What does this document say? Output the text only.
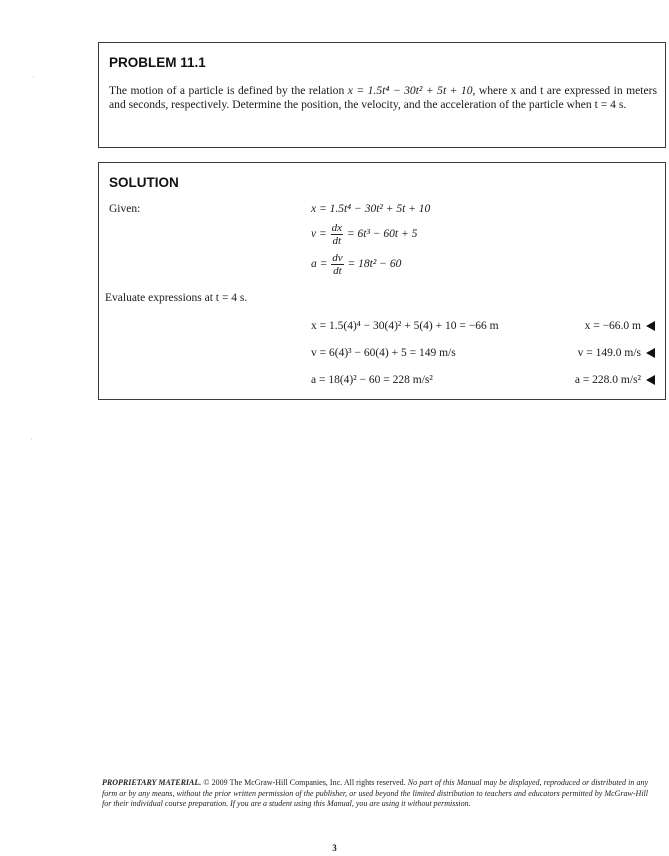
·
·
PROBLEM 11.1

The motion of a particle is defined by the relation x = 1.5t⁴ − 30t² + 5t + 10, where x and t are expressed in meters and seconds, respectively. Determine the position, the velocity, and the acceleration of the particle when t = 4 s.

SOLUTION

Given:	x = 1.5t⁴ − 30t² + 5t + 10

$v = \frac{dx}{dt} = 6t^3 - 60t + 5$
$a = \frac{dv}{dt} = 18t^2 - 60$

Evaluate expressions at t = 4 s.

x = 1.5(4)⁴ − 30(4)² + 5(4) + 10 = −66 m	x = −66.0 m

v = 6(4)³ − 60(4) + 5 = 149 m/s	v = 149.0 m/s

a = 18(4)² − 60 = 228 m/s²	a = 228.0 m/s²

PROPRIETARY MATERIAL. © 2009 The McGraw-Hill Companies, Inc. All rights reserved. No part of this Manual may be displayed, reproduced or distributed in any form or by any means, without the prior written permission of the publisher, or used beyond the limited distribution to teachers and educators permitted by McGraw-Hill for their individual course preparation. If you are a student using this Manual, you are using it without permission.

3
